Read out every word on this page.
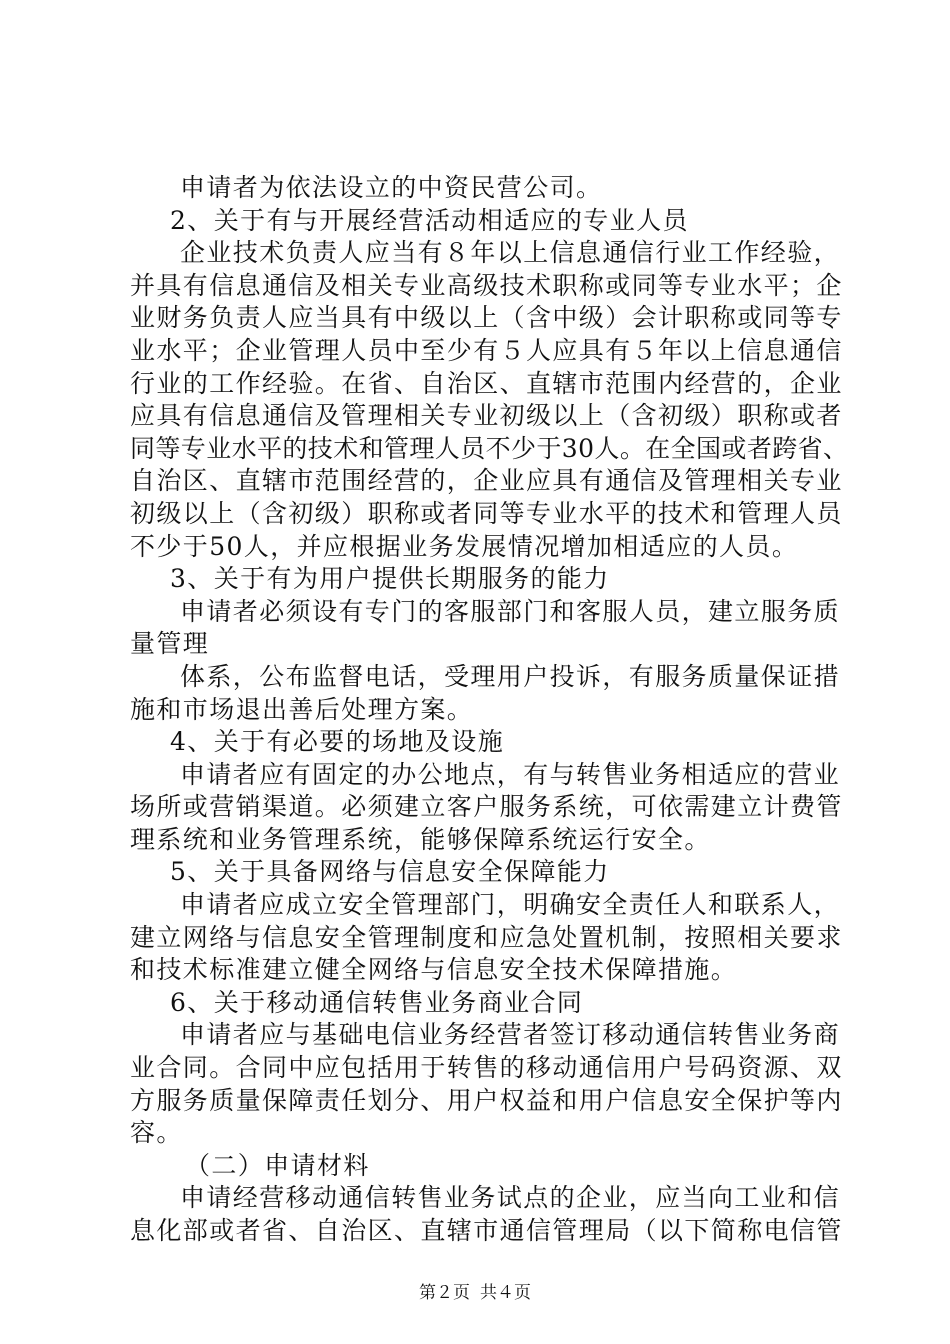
申请者为依法设立的中资民营公司。
2、关于有与开展经营活动相适应的专业人员
企业技术负责人应当有８年以上信息通信行业工作经验，
并具有信息通信及相关专业高级技术职称或同等专业水平；企
业财务负责人应当具有中级以上（含中级）会计职称或同等专
业水平；企业管理人员中至少有５人应具有５年以上信息通信
行业的工作经验。在省、自治区、直辖市范围内经营的，企业
应具有信息通信及管理相关专业初级以上（含初级）职称或者
同等专业水平的技术和管理人员不少于30人。在全国或者跨省、
自治区、直辖市范围经营的，企业应具有通信及管理相关专业
初级以上（含初级）职称或者同等专业水平的技术和管理人员
不少于50人，并应根据业务发展情况增加相适应的人员。
3、关于有为用户提供长期服务的能力
申请者必须设有专门的客服部门和客服人员，建立服务质
量管理
体系，公布监督电话，受理用户投诉，有服务质量保证措
施和市场退出善后处理方案。
4、关于有必要的场地及设施
申请者应有固定的办公地点，有与转售业务相适应的营业
场所或营销渠道。必须建立客户服务系统，可依需建立计费管
理系统和业务管理系统，能够保障系统运行安全。
5、关于具备网络与信息安全保障能力
申请者应成立安全管理部门，明确安全责任人和联系人，
建立网络与信息安全管理制度和应急处置机制，按照相关要求
和技术标准建立健全网络与信息安全技术保障措施。
6、关于移动通信转售业务商业合同
申请者应与基础电信业务经营者签订移动通信转售业务商
业合同。合同中应包括用于转售的移动通信用户号码资源、双
方服务质量保障责任划分、用户权益和用户信息安全保护等内
容。
（二）申请材料
申请经营移动通信转售业务试点的企业，应当向工业和信
息化部或者省、自治区、直辖市通信管理局（以下简称电信管
第２页 共４页
